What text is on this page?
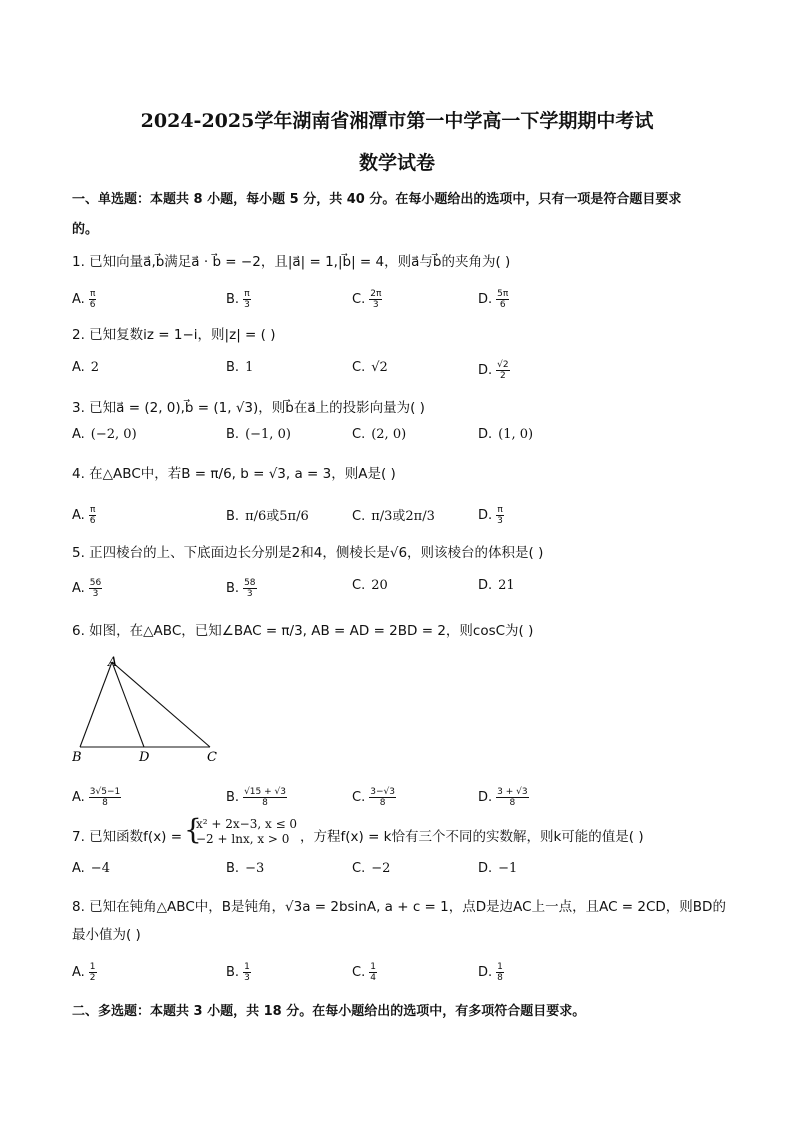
2024-2025学年湖南省湘潭市第一中学高一下学期期中考试
数学试卷
一、单选题：本题共 8 小题，每小题 5 分，共 40 分。在每小题给出的选项中，只有一项是符合题目要求
的。
1. 已知向量a⃗,b⃗满足a⃗ · b⃗ = −2，且|a⃗| = 1,|b⃗| = 4，则a⃗与b⃗的夹角为( )
A. $\frac{\pi}{6}$	B. $\frac{\pi}{3}$	C. $\frac{2\pi}{3}$	D. $\frac{5\pi}{6}$
2. 已知复数iz = 1−i，则|z| = ( )
A. 2	B. 1	C. √2	D. $\frac{√2}{2}$
3. 已知a⃗ = (2, 0),b⃗ = (1, √3)，则b⃗在a⃗上的投影向量为( )
A. (−2, 0)	B. (−1, 0)	C. (2, 0)	D. (1, 0)
4. 在△ABC中，若B = π/6, b = √3, a = 3，则A是( )
A. $\frac{\pi}{6}$	B. π/6或5π/6	C. π/3或2π/3	D. $\frac{\pi}{3}$
5. 正四棱台的上、下底面边长分别是2和4，侧棱长是√6，则该棱台的体积是( )
A. $\frac{56}{3}$	B. $\frac{58}{3}$	C. 20	D. 21
6. 如图，在△ABC，已知∠BAC = π/3, AB = AD = 2BD = 2，则cosC为( )
A. $\frac{3√5-1}{8}$	B. $\frac{√15 + √3}{8}$	C. $\frac{3-√3}{8}$	D. $\frac{3 + √3}{8}$
7. 已知函数f(x) = {
x² + 2x−3, x ≤ 0
−2 + lnx, x > 0 ，方程f(x) = k恰有三个不同的实数解，则k可能的值是( )
A. −4	B. −3	C. −2	D. −1
8. 已知在钝角△ABC中，B是钝角，√3a = 2bsinA, a + c = 1，点D是边AC上一点，且AC = 2CD，则BD的
最小值为( )
A. $\frac{1}{2}$	B. $\frac{1}{3}$	C. $\frac{1}{4}$	D. $\frac{1}{8}$
A
B	D	C
二、多选题：本题共 3 小题，共 18 分。在每小题给出的选项中，有多项符合题目要求。
